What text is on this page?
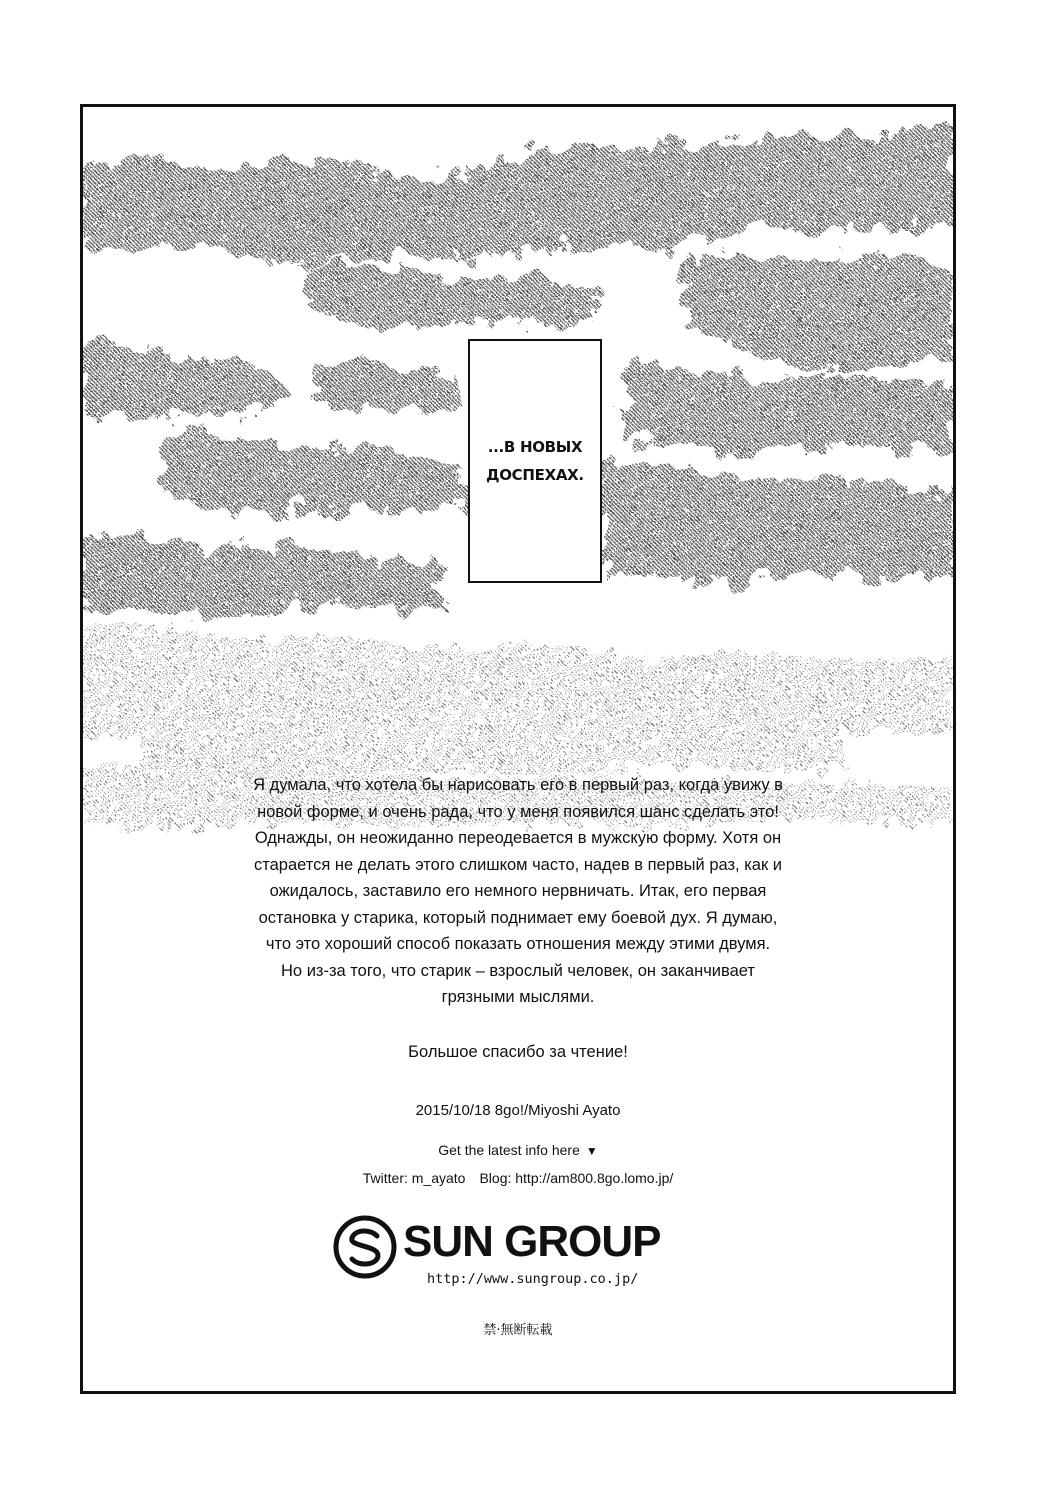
...В НОВЫХ
ДОСПЕХАХ.

Я думала, что хотела бы нарисовать его в первый раз, когда увижу в

новой форме, и очень рада, что у меня появился шанс сделать это!

Однажды, он неожиданно переодевается в мужскую форму. Хотя он

старается не делать этого слишком часто, надев в первый раз, как и

ожидалось, заставило его немного нервничать. Итак, его первая

остановка у старика, который поднимает ему боевой дух. Я думаю,

что это хороший способ показать отношения между этими двумя.

Но из-за того, что старик – взрослый человек, он заканчивает

грязными мыслями.

Большое спасибо за чтение!
2015/10/18 8go!/Miyoshi Ayato
Get the latest info here ▼
Twitter: m_ayato Blog: http://am800.8go.lomo.jp/
SUN GROUP
http://www.sungroup.co.jp/
禁·無断転載
